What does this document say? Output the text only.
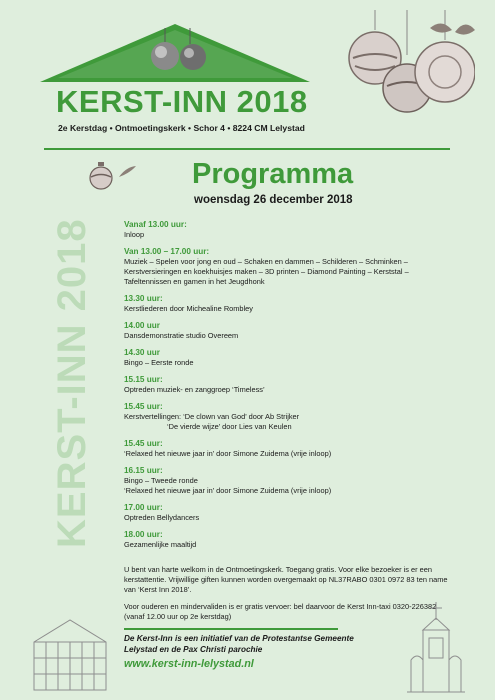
KERST-INN 2018
2e Kerstdag • Ontmoetingskerk • Schor 4 • 8224 CM Lelystad
Programma
woensdag 26 december 2018
KERST-INN 2018	Vanaf 13.00 uur:
Inloop
Van 13.00 – 17.00 uur:
Muziek – Spelen voor jong en oud – Schaken en dammen – Schilderen – Schminken –
Kerstversieringen en koekhuisjes maken – 3D printen – Diamond Painting – Kerststal –
Tafeltennissen en gamen in het Jeugdhonk
13.30 uur:
Kerstliederen door Michealine Rombley
14.00 uur
Dansdemonstratie studio Overeem
14.30 uur
Bingo – Eerste ronde
15.15 uur:
Optreden muziek- en zanggroep ‘Timeless’
15.45 uur:
Kerstvertellingen: ‘De clown van God’ door Ab Strijker
‘De vierde wijze’ door Lies van Keulen
15.45 uur:
‘Relaxed het nieuwe jaar in’ door Simone Zuidema (vrije inloop)
16.15 uur:
Bingo – Tweede ronde
‘Relaxed het nieuwe jaar in’ door Simone Zuidema (vrije inloop)
17.00 uur:
Optreden Bellydancers
18.00 uur:
Gezamenlijke maaltijd
U bent van harte welkom in de Ontmoetingskerk. Toegang gratis. Voor elke bezoeker is er een kerstattentie. Vrijwillige giften kunnen worden overgemaakt op NL37RABO 0301 0972 83 ten name van ‘Kerst Inn 2018’.
Voor ouderen en mindervaliden is er gratis vervoer: bel daarvoor de Kerst Inn-taxi 0320-226382 (vanaf 12.00 uur op 2e kerstdag)
De Kerst-Inn is een initiatief van de Protestantse Gemeente Lelystad en de Pax Christi parochie
www.kerst-inn-lelystad.nl
